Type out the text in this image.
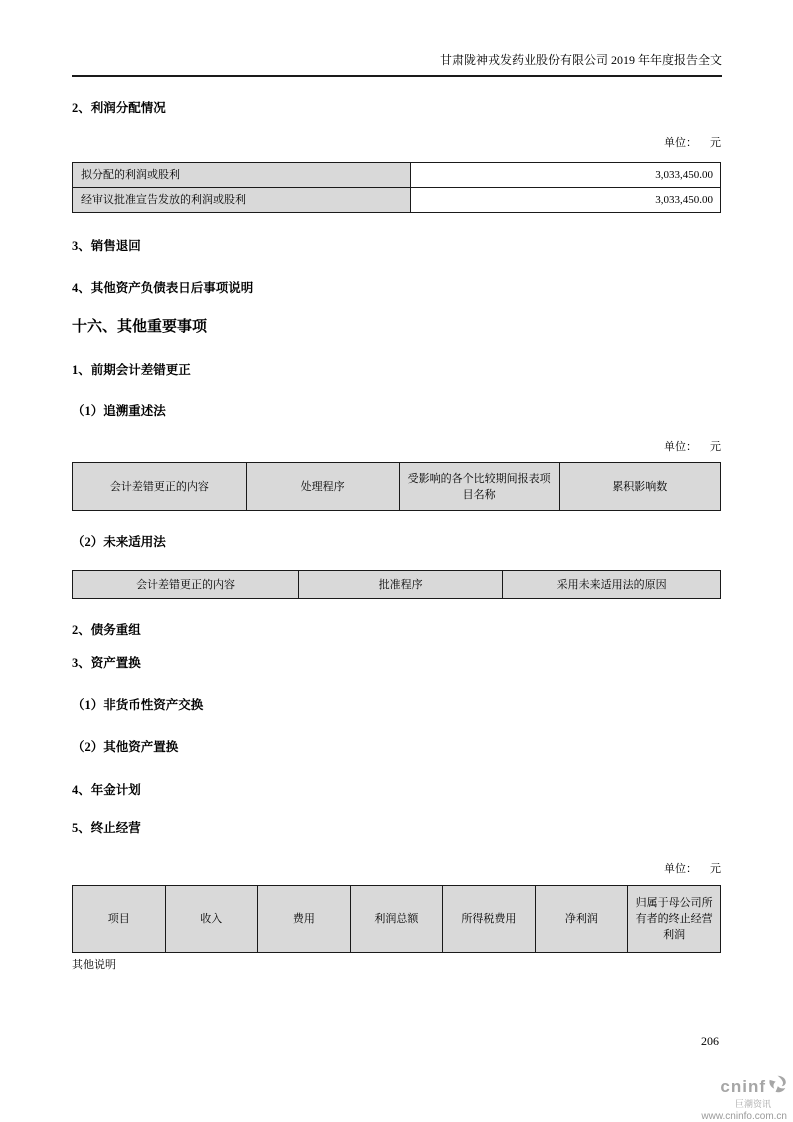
甘肃陇神戎发药业股份有限公司 2019 年年度报告全文

2、利润分配情况

单位： 元
拟分配的利润或股利	3,033,450.00
经审议批准宣告发放的利润或股利	3,033,450.00

3、销售退回

4、其他资产负债表日后事项说明

十六、其他重要事项

1、前期会计差错更正

（1）追溯重述法

单位： 元
会计差错更正的内容	处理程序	受影响的各个比较期间报表项目名称	累积影响数

（2）未来适用法

会计差错更正的内容	批准程序	采用未来适用法的原因

2、债务重组

3、资产置换

（1）非货币性资产交换

（2）其他资产置换

4、年金计划

5、终止经营

单位： 元
项目	收入	费用	利润总额	所得税费用	净利润	归属于母公司所有者的终止经营利润

其他说明

206
cninf
巨潮资讯
www.cninfo.com.cn
